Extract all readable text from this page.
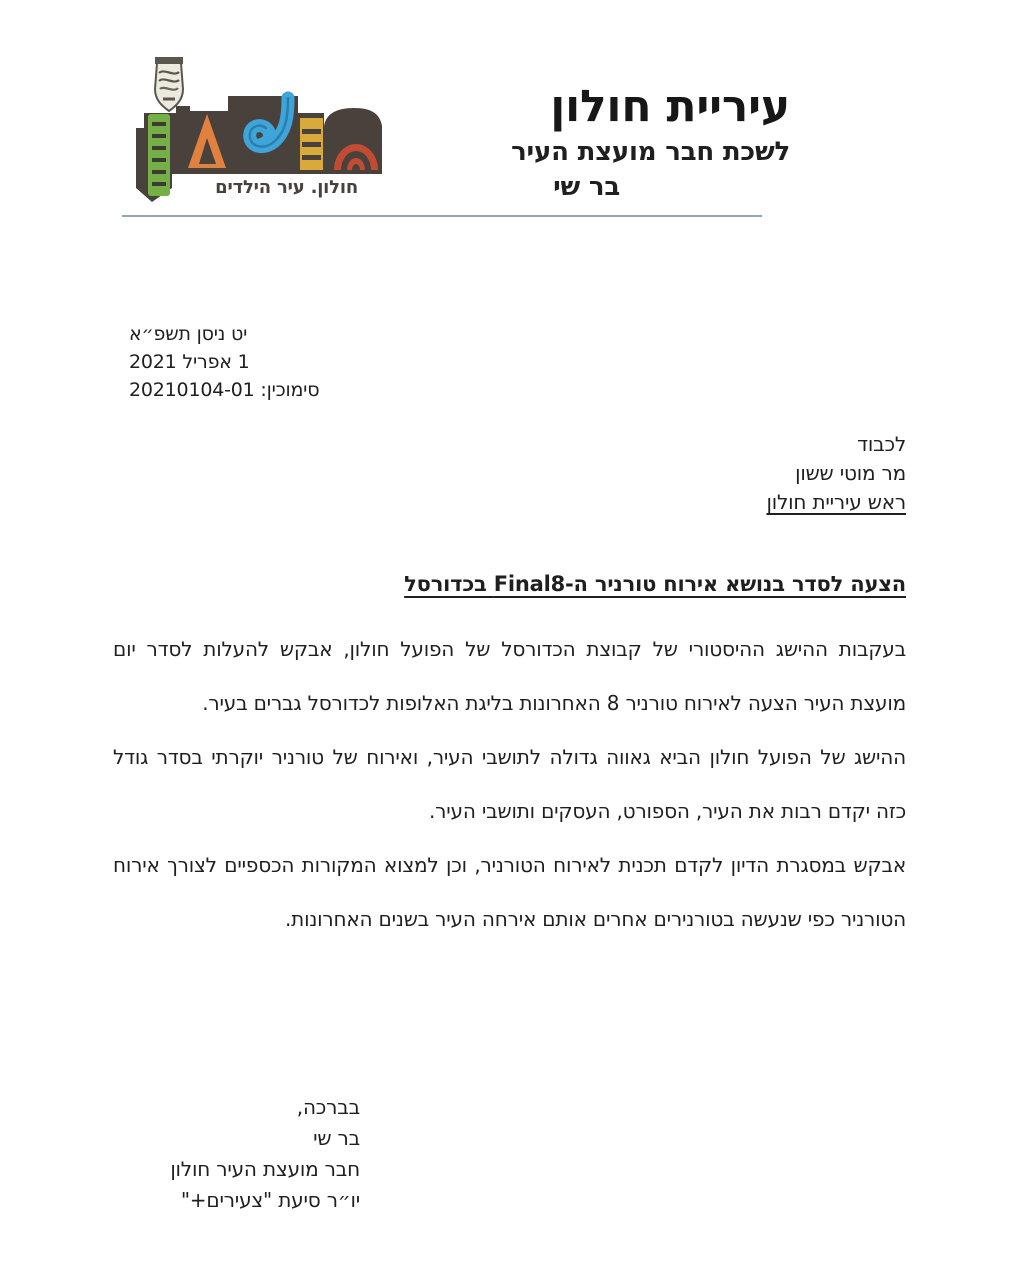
חולון. עיר הילדים
עיריית חולון
לשכת חבר מועצת העיר
בר שי
יט ניסן תשפ״א
1 אפריל 2021
סימוכין: 20210104-01
לכבוד
מר מוטי ששון
ראש עיריית חולון
הצעה לסדר בנושא אירוח טורניר ה-Final8 בכדורסל

בעקבות ההישג ההיסטורי של קבוצת הכדורסל של הפועל חולון, אבקש להעלות לסדר יום מועצת העיר הצעה לאירוח טורניר 8 האחרונות בליגת האלופות לכדורסל גברים בעיר.

ההישג של הפועל חולון הביא גאווה גדולה לתושבי העיר, ואירוח של טורניר יוקרתי בסדר גודל כזה יקדם רבות את העיר, הספורט, העסקים ותושבי העיר.

אבקש במסגרת הדיון לקדם תכנית לאירוח הטורניר, וכן למצוא המקורות הכספיים לצורך אירוח הטורניר כפי שנעשה בטורנירים אחרים אותם אירחה העיר בשנים האחרונות.

בברכה,
בר שי
חבר מועצת העיר חולון
יו״ר סיעת "צעירים+"
